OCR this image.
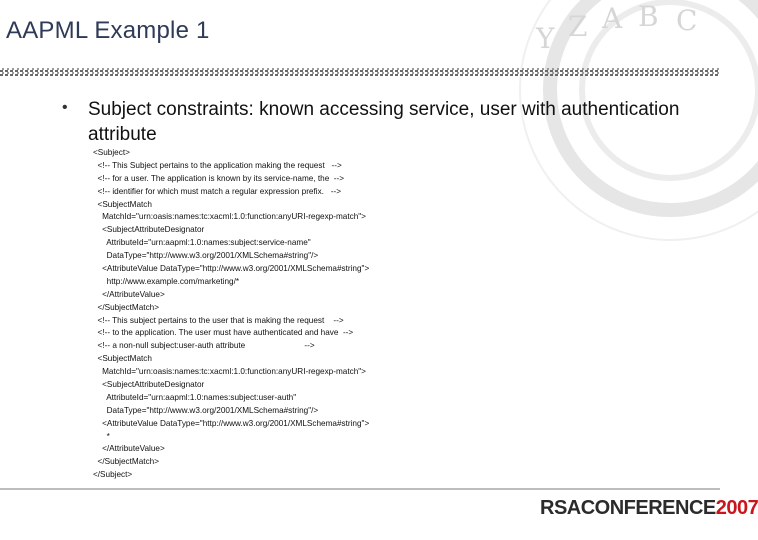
Y Z A B C
AAPML Example 1
• Subject constraints: known accessing service, user with authentication attribute
<Subject>
<!-- This Subject pertains to the application making the request   -->
<!-- for a user. The application is known by its service-name, the  -->
<!-- identifier for which must match a regular expression prefix.   -->
<SubjectMatch
MatchId="urn:oasis:names:tc:xacml:1.0:function:anyURI-regexp-match">
<SubjectAttributeDesignator
AttributeId="urn:aapml:1.0:names:subject:service-name"
DataType="http://www.w3.org/2001/XMLSchema#string"/>
<AttributeValue DataType="http://www.w3.org/2001/XMLSchema#string">
http://www.example.com/marketing/*
</AttributeValue>
</SubjectMatch>
<!-- This subject pertains to the user that is making the request    -->
<!-- to the application. The user must have authenticated and have  -->
<!-- a non-null subject:user-auth attribute                          -->
<SubjectMatch
MatchId="urn:oasis:names:tc:xacml:1.0:function:anyURI-regexp-match">
<SubjectAttributeDesignator
AttributeId="urn:aapml:1.0:names:subject:user-auth"
DataType="http://www.w3.org/2001/XMLSchema#string"/>
<AttributeValue DataType="http://www.w3.org/2001/XMLSchema#string">
*
</AttributeValue>
</SubjectMatch>
</Subject>
RSACONFERENCE2007
